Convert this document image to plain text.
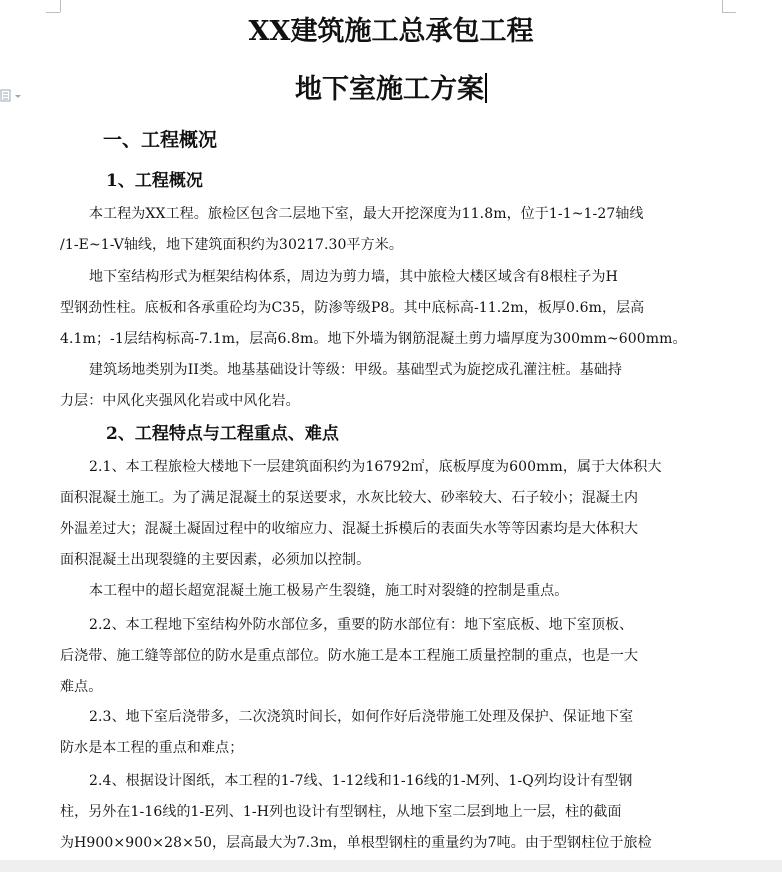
XX建筑施工总承包工程
地下室施工方案
一、工程概况
1、工程概况
本工程为XX工程。旅检区包含二层地下室，最大开挖深度为11.8m，位于1-1~1-27轴线
/1-E~1-V轴线，地下建筑面积约为30217.30平方米。
地下室结构形式为框架结构体系，周边为剪力墙，其中旅检大楼区域含有8根柱子为H
型钢劲性柱。底板和各承重砼均为C35，防渗等级P8。其中底标高-11.2m，板厚0.6m，层高
4.1m；-1层结构标高-7.1m，层高6.8m。地下外墙为钢筋混凝土剪力墙厚度为300mm~600mm。
建筑场地类别为II类。地基基础设计等级：甲级。基础型式为旋挖成孔灌注桩。基础持
力层：中风化夹强风化岩或中风化岩。
2、工程特点与工程重点、难点
2.1、本工程旅检大楼地下一层建筑面积约为16792㎡，底板厚度为600mm，属于大体积大
面积混凝土施工。为了满足混凝土的泵送要求，水灰比较大、砂率较大、石子较小；混凝土内
外温差过大；混凝土凝固过程中的收缩应力、混凝土拆模后的表面失水等等因素均是大体积大
面积混凝土出现裂缝的主要因素，必须加以控制。
本工程中的超长超宽混凝土施工极易产生裂缝，施工时对裂缝的控制是重点。
2.2、本工程地下室结构外防水部位多，重要的防水部位有：地下室底板、地下室顶板、
后浇带、施工缝等部位的防水是重点部位。防水施工是本工程施工质量控制的重点，也是一大
难点。
2.3、地下室后浇带多，二次浇筑时间长，如何作好后浇带施工处理及保护、保证地下室
防水是本工程的重点和难点；
2.4、根据设计图纸，本工程的1-7线、1-12线和1-16线的1-M列、1-Q列均设计有型钢
柱，另外在1-16线的1-E列、1-H列也设计有型钢柱，从地下室二层到地上一层，柱的截面
为H900×900×28×50，层高最大为7.3m，单根型钢柱的重量约为7吨。由于型钢柱位于旅检
